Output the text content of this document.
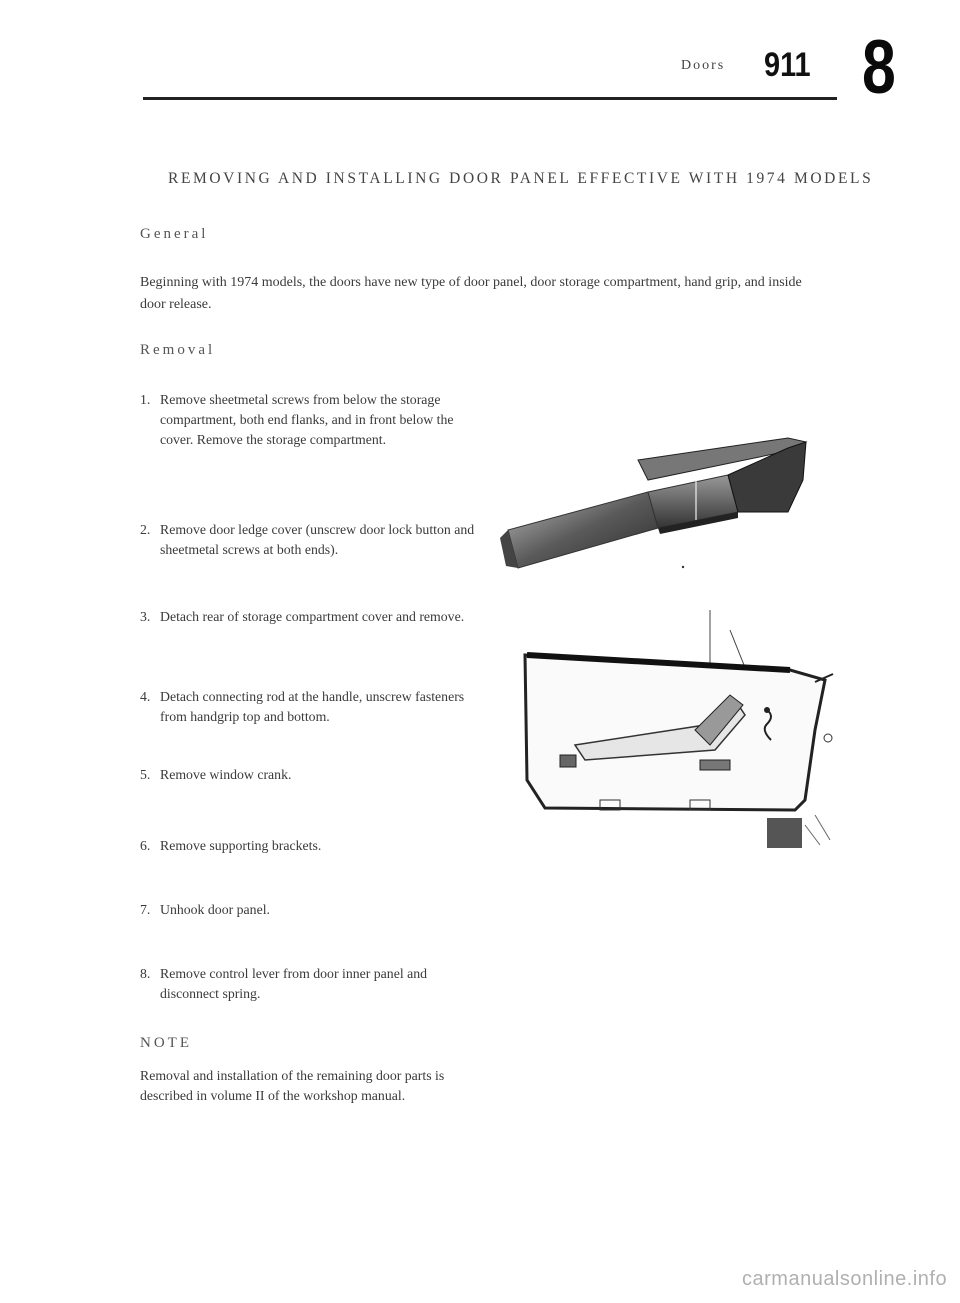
Doors 911 8
REMOVING AND INSTALLING DOOR PANEL EFFECTIVE WITH 1974 MODELS
General
Beginning with 1974 models, the doors have new type of door panel, door storage compartment, hand grip, and inside door release.
Removal
1. Remove sheetmetal screws from below the storage compartment, both end flanks, and in front below the cover. Remove the storage compartment.
2. Remove door ledge cover (unscrew door lock button and sheetmetal screws at both ends).
3. Detach rear of storage compartment cover and remove.
4. Detach connecting rod at the handle, unscrew fasteners from handgrip top and bottom.
5. Remove window crank.
6. Remove supporting brackets.
7. Unhook door panel.
8. Remove control lever from door inner panel and disconnect spring.
NOTE
Removal and installation of the remaining door parts is described in volume II of the workshop manual.
carmanualsonline.info
